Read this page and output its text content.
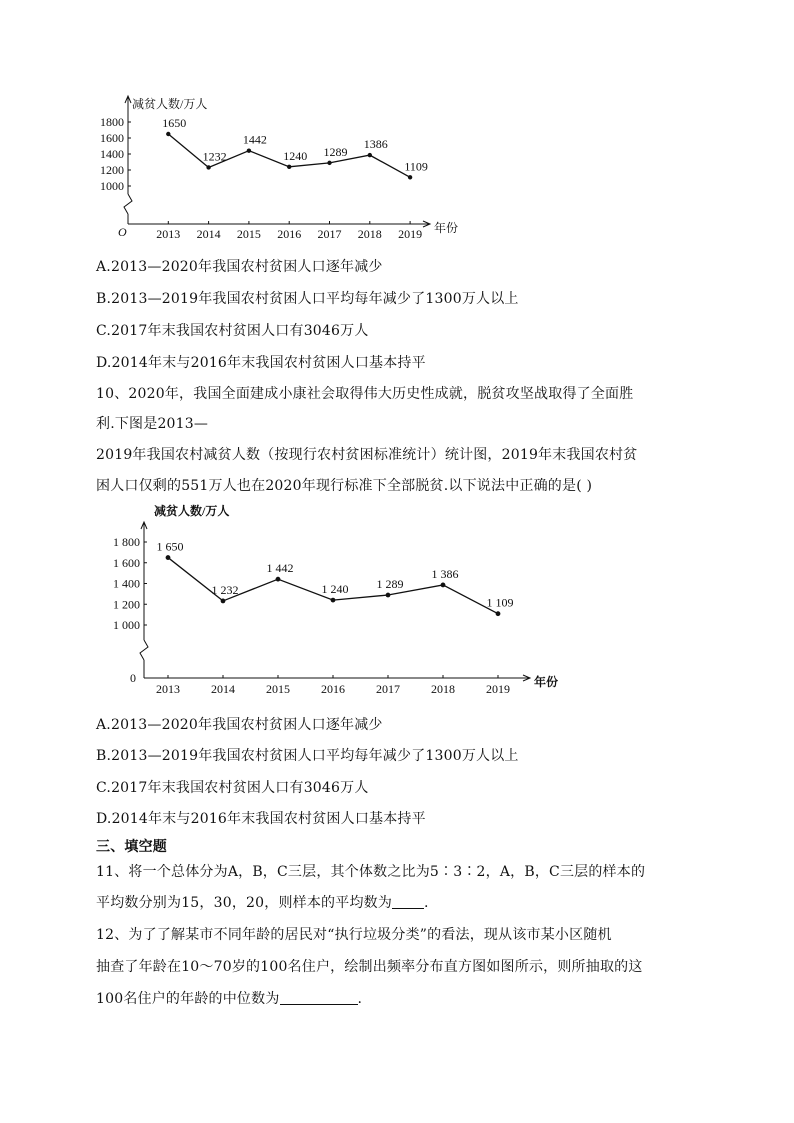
减贫人数/万人
年份
O
1800
1600
1400
1200
1000
2013 2014 2015 2016 2017 2018 2019
1650
1232
1442
1240 1289
1386
1109
A.2013—2020年我国农村贫困人口逐年减少
B.2013—2019年我国农村贫困人口平均每年减少了1300万人以上
C.2017年末我国农村贫困人口有3046万人
D.2014年末与2016年末我国农村贫困人口基本持平
10、2020年，我国全面建成小康社会取得伟大历史性成就，脱贫攻坚战取得了全面胜
利.下图是2013—
2019年我国农村减贫人数（按现行农村贫困标准统计）统计图，2019年末我国农村贫
困人口仅剩的551万人也在2020年现行标准下全部脱贫.以下说法中正确的是( )
减贫人数/万人
年份
0
1 800
1 600
1 400
1 200
1 000
2013	2014	2015	2016	2017	2018	2019
1 650
1 232
1 442
1 240 1 289
1 386
1 109
A.2013—2020年我国农村贫困人口逐年减少
B.2013—2019年我国农村贫困人口平均每年减少了1300万人以上
C.2017年末我国农村贫困人口有3046万人
D.2014年末与2016年末我国农村贫困人口基本持平
三、填空题
11、将一个总体分为A，B，C三层，其个体数之比为5∶3∶2，A，B，C三层的样本的
平均数分别为15，30，20，则样本的平均数为 .
12、为了了解某市不同年龄的居民对“执行垃圾分类”的看法，现从该市某小区随机
抽查了年龄在10～70岁的100名住户，绘制出频率分布直方图如图所示，则所抽取的这
100名住户的年龄的中位数为	.
